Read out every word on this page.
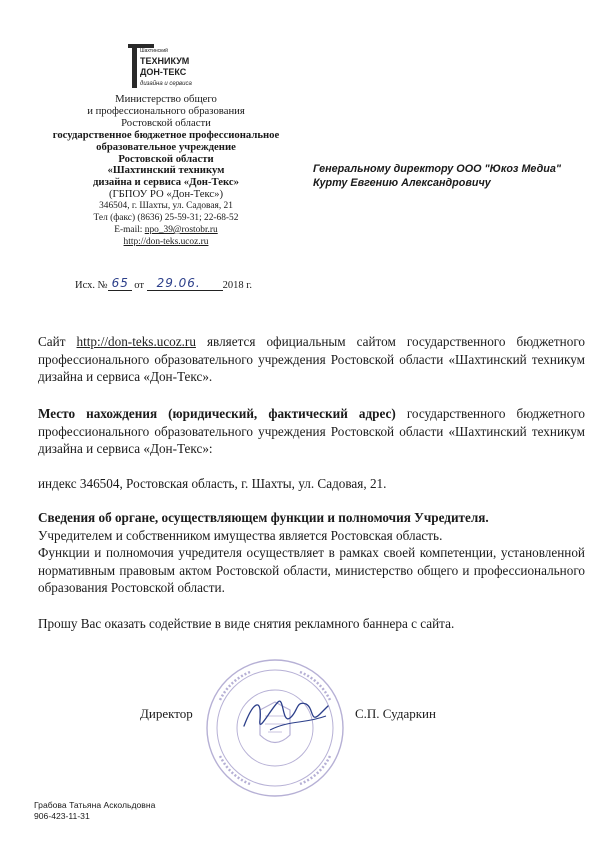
Шахтинский
ТЕХНИКУМ
ДОН-ТЕКС
дизайна и сервиса
Министерство общего
и профессионального образования
Ростовской области
государственное бюджетное профессиональное
образовательное учреждение
Ростовской области
«Шахтинский техникум
дизайна и сервиса «Дон-Текс»
(ГБПОУ РО «Дон-Текс»)
346504, г. Шахты, ул. Садовая, 21
Тел (факс) (8636) 25-59-31; 22-68-52
E-mail: npo_39@rostobr.ru
http://don-teks.ucoz.ru
Исх. № 65 от 29.06. 2018 г.
Генеральному директору ООО "Юкоз Медиа"
Курту Евгению Александровичу
Сайт http://don-teks.ucoz.ru является официальным сайтом государственного бюджетного профессионального образовательного учреждения Ростовской области «Шахтинский техникум дизайна и сервиса «Дон-Текс».
Место нахождения (юридический, фактический адрес) государственного бюджетного профессионального образовательного учреждения Ростовской области «Шахтинский техникум дизайна и сервиса «Дон-Текс»:
индекс 346504, Ростовская область, г. Шахты, ул. Садовая, 21.
Сведения об органе, осуществляющем функции и полномочия Учредителя.
Учредителем и собственником имущества является Ростовская область.
Функции и полномочия учредителя осуществляет в рамках своей компетенции, установленной нормативным правовым актом Ростовской области, министерство общего и профессионального образования Ростовской области.
Прошу Вас оказать содействие в виде снятия рекламного баннера с сайта.
Директор	С.П. Сударкин
Грабова Татьяна Аскольдовна
906-423-11-31
